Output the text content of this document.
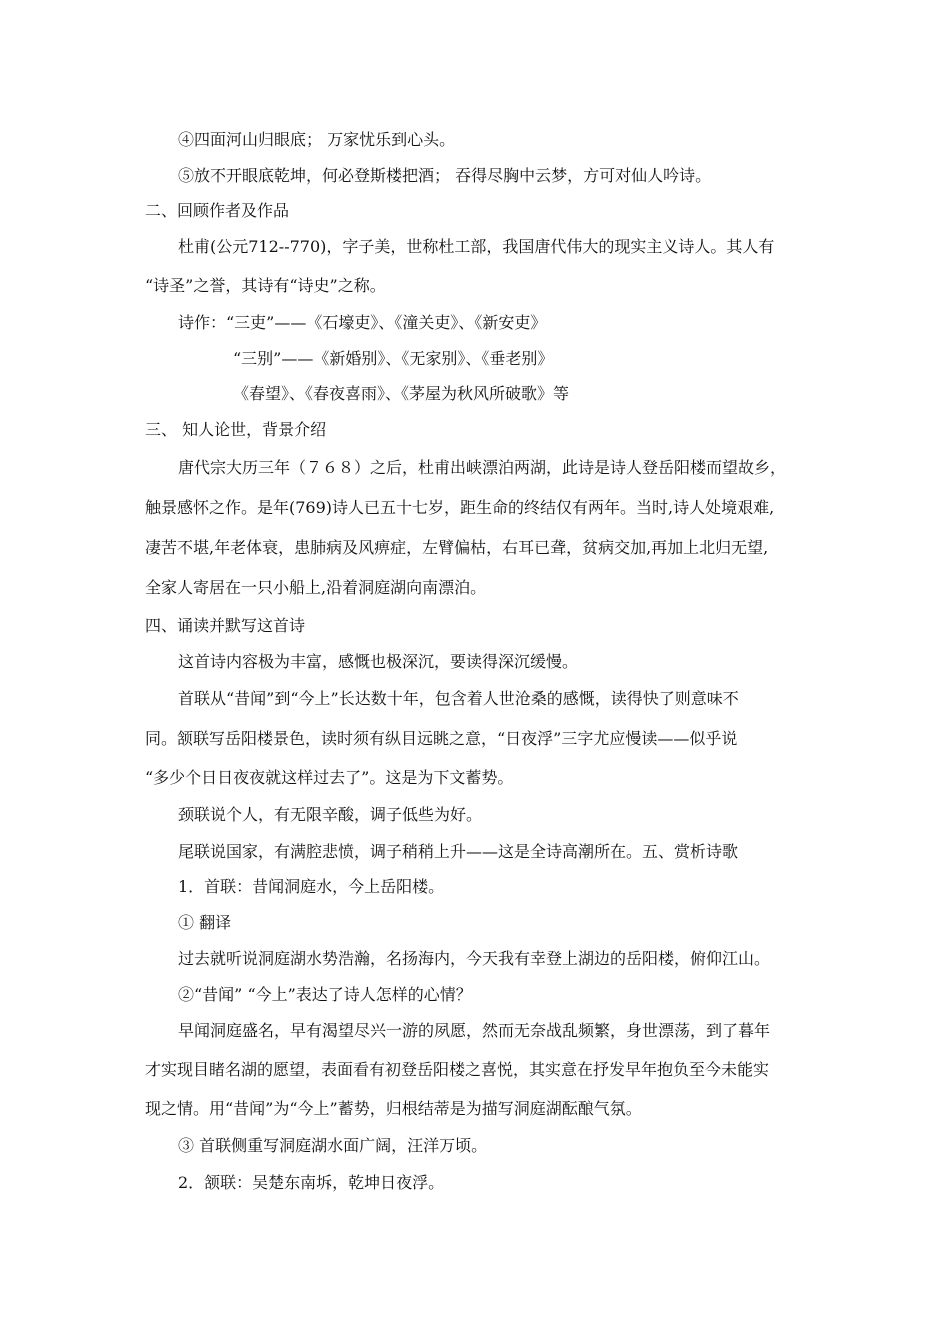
④四面河山归眼底； 万家忧乐到心头。
⑤放不开眼底乾坤，何必登斯楼把酒； 吞得尽胸中云梦，方可对仙人吟诗。
二、回顾作者及作品
杜甫(公元712--770)，字子美，世称杜工部，我国唐代伟大的现实主义诗人。其人有
“诗圣”之誉，其诗有“诗史”之称。
诗作：“三吏”——《石壕吏》、《潼关吏》、《新安吏》
“三别”——《新婚别》、《无家别》、《垂老别》
《春望》、《春夜喜雨》、《茅屋为秋风所破歌》等
三、 知人论世，背景介绍
唐代宗大历三年（７６８）之后，杜甫出峡漂泊两湖，此诗是诗人登岳阳楼而望故乡，
触景感怀之作。是年(769)诗人已五十七岁，距生命的终结仅有两年。当时,诗人处境艰难,
凄苦不堪,年老体衰，患肺病及风痹症，左臂偏枯，右耳已聋，贫病交加,再加上北归无望,
全家人寄居在一只小船上,沿着洞庭湖向南漂泊。
四、诵读并默写这首诗
这首诗内容极为丰富，感慨也极深沉，要读得深沉缓慢。
首联从“昔闻”到“今上”长达数十年，包含着人世沧桑的感慨，读得快了则意味不
同。颔联写岳阳楼景色，读时须有纵目远眺之意，“日夜浮”三字尤应慢读——似乎说
“多少个日日夜夜就这样过去了”。这是为下文蓄势。
颈联说个人，有无限辛酸，调子低些为好。
尾联说国家，有满腔悲愤，调子稍稍上升——这是全诗高潮所在。五、赏析诗歌
1．首联：昔闻洞庭水，今上岳阳楼。
① 翻译
过去就听说洞庭湖水势浩瀚，名扬海内，今天我有幸登上湖边的岳阳楼，俯仰江山。
②“昔闻” “今上”表达了诗人怎样的心情？
早闻洞庭盛名，早有渴望尽兴一游的夙愿，然而无奈战乱频繁，身世漂荡，到了暮年
才实现目睹名湖的愿望，表面看有初登岳阳楼之喜悦，其实意在抒发早年抱负至今未能实
现之情。用“昔闻”为“今上”蓄势，归根结蒂是为描写洞庭湖酝酿气氛。
③ 首联侧重写洞庭湖水面广阔，汪洋万顷。
2．颔联：吴楚东南坼，乾坤日夜浮。
